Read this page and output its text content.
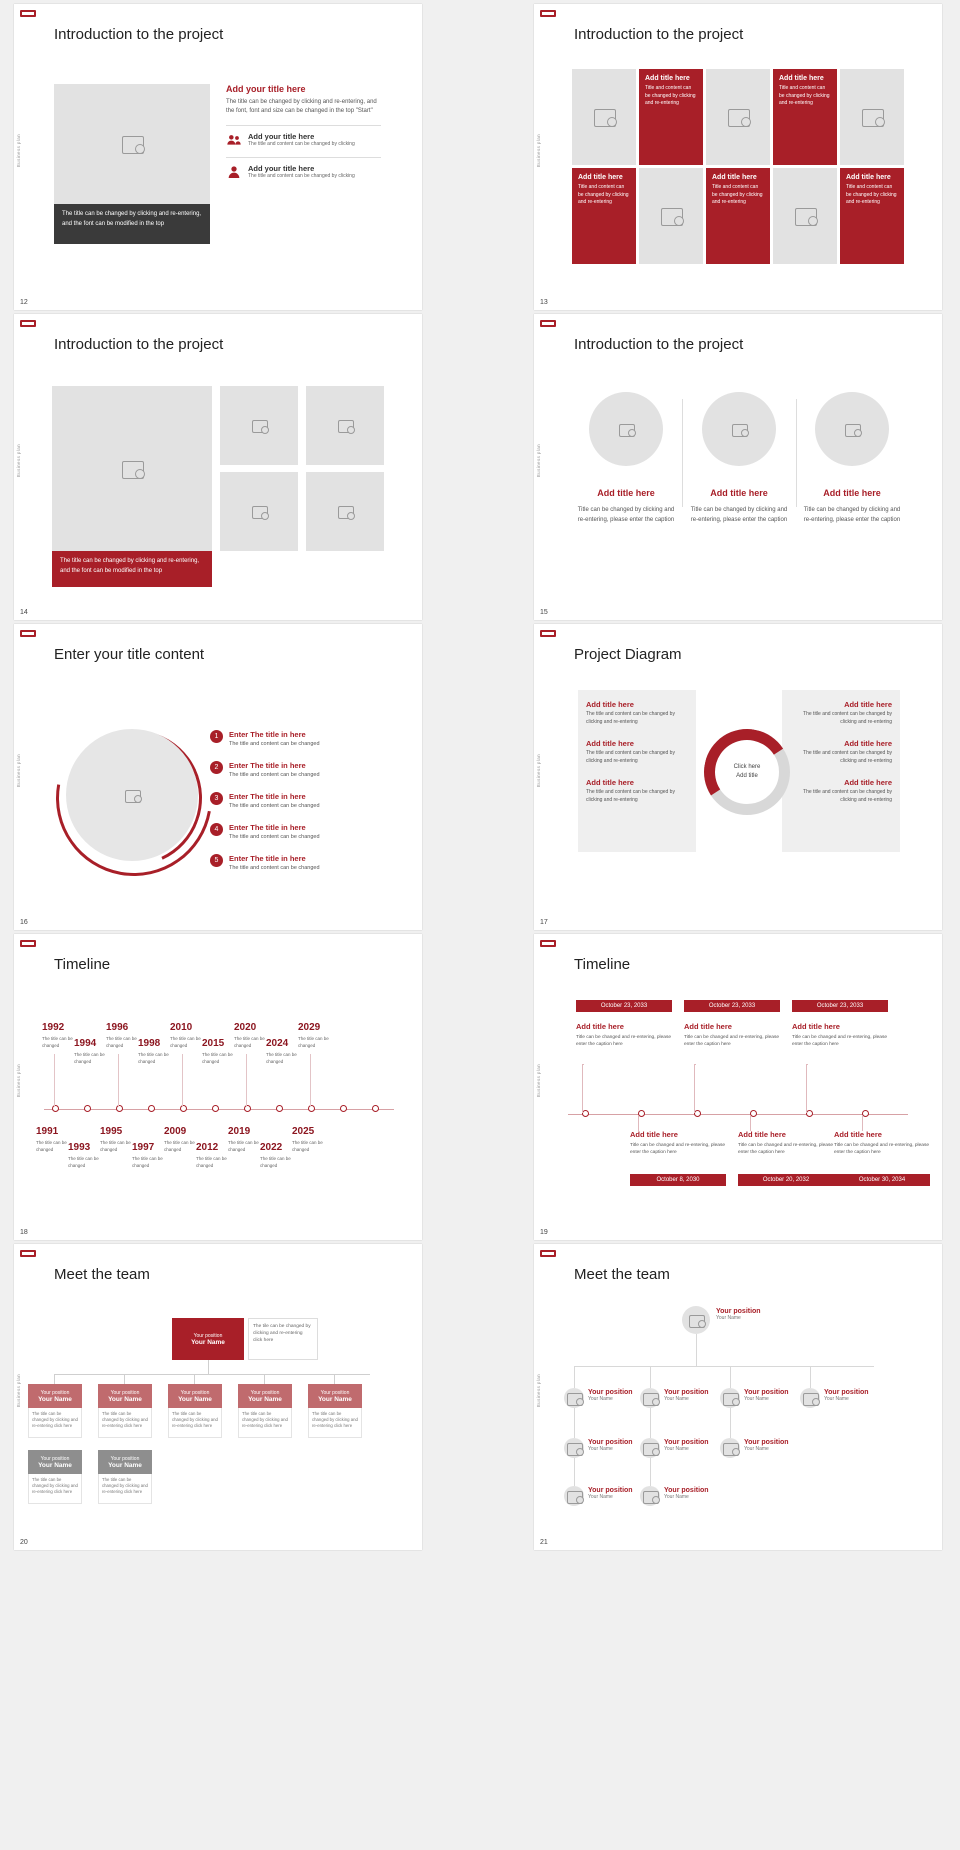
Business plan
12
Introduction to the project
The title can be changed by clicking and re-entering, and the font can be modified in the top
Add your title here
The title can be changed by clicking and re-entering, and the font, font and size can be changed in the top "Start"
Add your title here
The title and content can be changed by clicking
Add your title here
The title and content can be changed by clicking
Business plan
13
Introduction to the project
Add title here
Title and content can be changed by clicking and re-entering
Add title here
Title and content can be changed by clicking and re-entering
Add title here
Title and content can be changed by clicking and re-entering
Add title here
Title and content can be changed by clicking and re-entering
Add title here
Title and content can be changed by clicking and re-entering
Business plan
14
Introduction to the project
The title can be changed by clicking and re-entering, and the font can be modified in the top
Business plan
15
Introduction to the project
Add title here

Title can be changed by clicking and re-entering, please enter the caption

Add title here

Title can be changed by clicking and re-entering, please enter the caption

Add title here

Title can be changed by clicking and re-entering, please enter the caption

Business plan
16
Enter your title content
1	Enter The title in here
The title and content can be changed
2	Enter The title in here
The title and content can be changed
3	Enter The title in here
The title and content can be changed
4	Enter The title in here
The title and content can be changed
5	Enter The title in here
The title and content can be changed
Business plan
17
Project Diagram
Add title here
The title and content can be changed by clicking and re-entering
Add title here
The title and content can be changed by clicking and re-entering
Add title here
The title and content can be changed by clicking and re-entering
Add title here
The title and content can be changed by clicking and re-entering
Add title here
The title and content can be changed by clicking and re-entering
Add title here
The title and content can be changed by clicking and re-entering
Click here
Add title
Business plan
18
Timeline
1992
The title can be changed
1996
The title can be changed
2010
The title can be changed
2020
The title can be changed
2029
The title can be changed
1994
The title can be changed
1998
The title can be changed
2015
The title can be changed
2024
The title can be changed
1991
The title can be changed
1995
The title can be changed
2009
The title can be changed
2019
The title can be changed
2025
The title can be changed
1993
The title can be changed
1997
The title can be changed
2012
The title can be changed
2022
The title can be changed
Business plan
19
Timeline
October 23, 2033
Add title here
Title can be changed and re-entering, please enter the caption here
October 23, 2033
Add title here
Title can be changed and re-entering, please enter the caption here
October 23, 2033
Add title here
Title can be changed and re-entering, please enter the caption here
Add title here
Title can be changed and re-entering, please enter the caption here
October 8, 2030
Add title here
Title can be changed and re-entering, please enter the caption here
October 20, 2032
Add title here
Title can be changed and re-entering, please enter the caption here
October 30, 2034
Business plan
20
Meet the team
Your position
Your Name
The tile can be changed by clicking and re-entering click here
Your position
Your Name
The title can be changed by clicking and re-entering click here
Your position
Your Name
The title can be changed by clicking and re-entering click here
Your position
Your Name
The title can be changed by clicking and re-entering click here
Your position
Your Name
The title can be changed by clicking and re-entering click here
Your position
Your Name
The title can be changed by clicking and re-entering click here
Your position
Your Name
The title can be changed by clicking and re-entering click here
Your position
Your Name
The title can be changed by clicking and re-entering click here
Business plan
21
Meet the team
Your position
Your Name
Your position
Your Name
Your position
Your Name
Your position
Your Name
Your position
Your Name
Your position
Your Name
Your position
Your Name
Your position
Your Name
Your position
Your Name
Your position
Your Name
